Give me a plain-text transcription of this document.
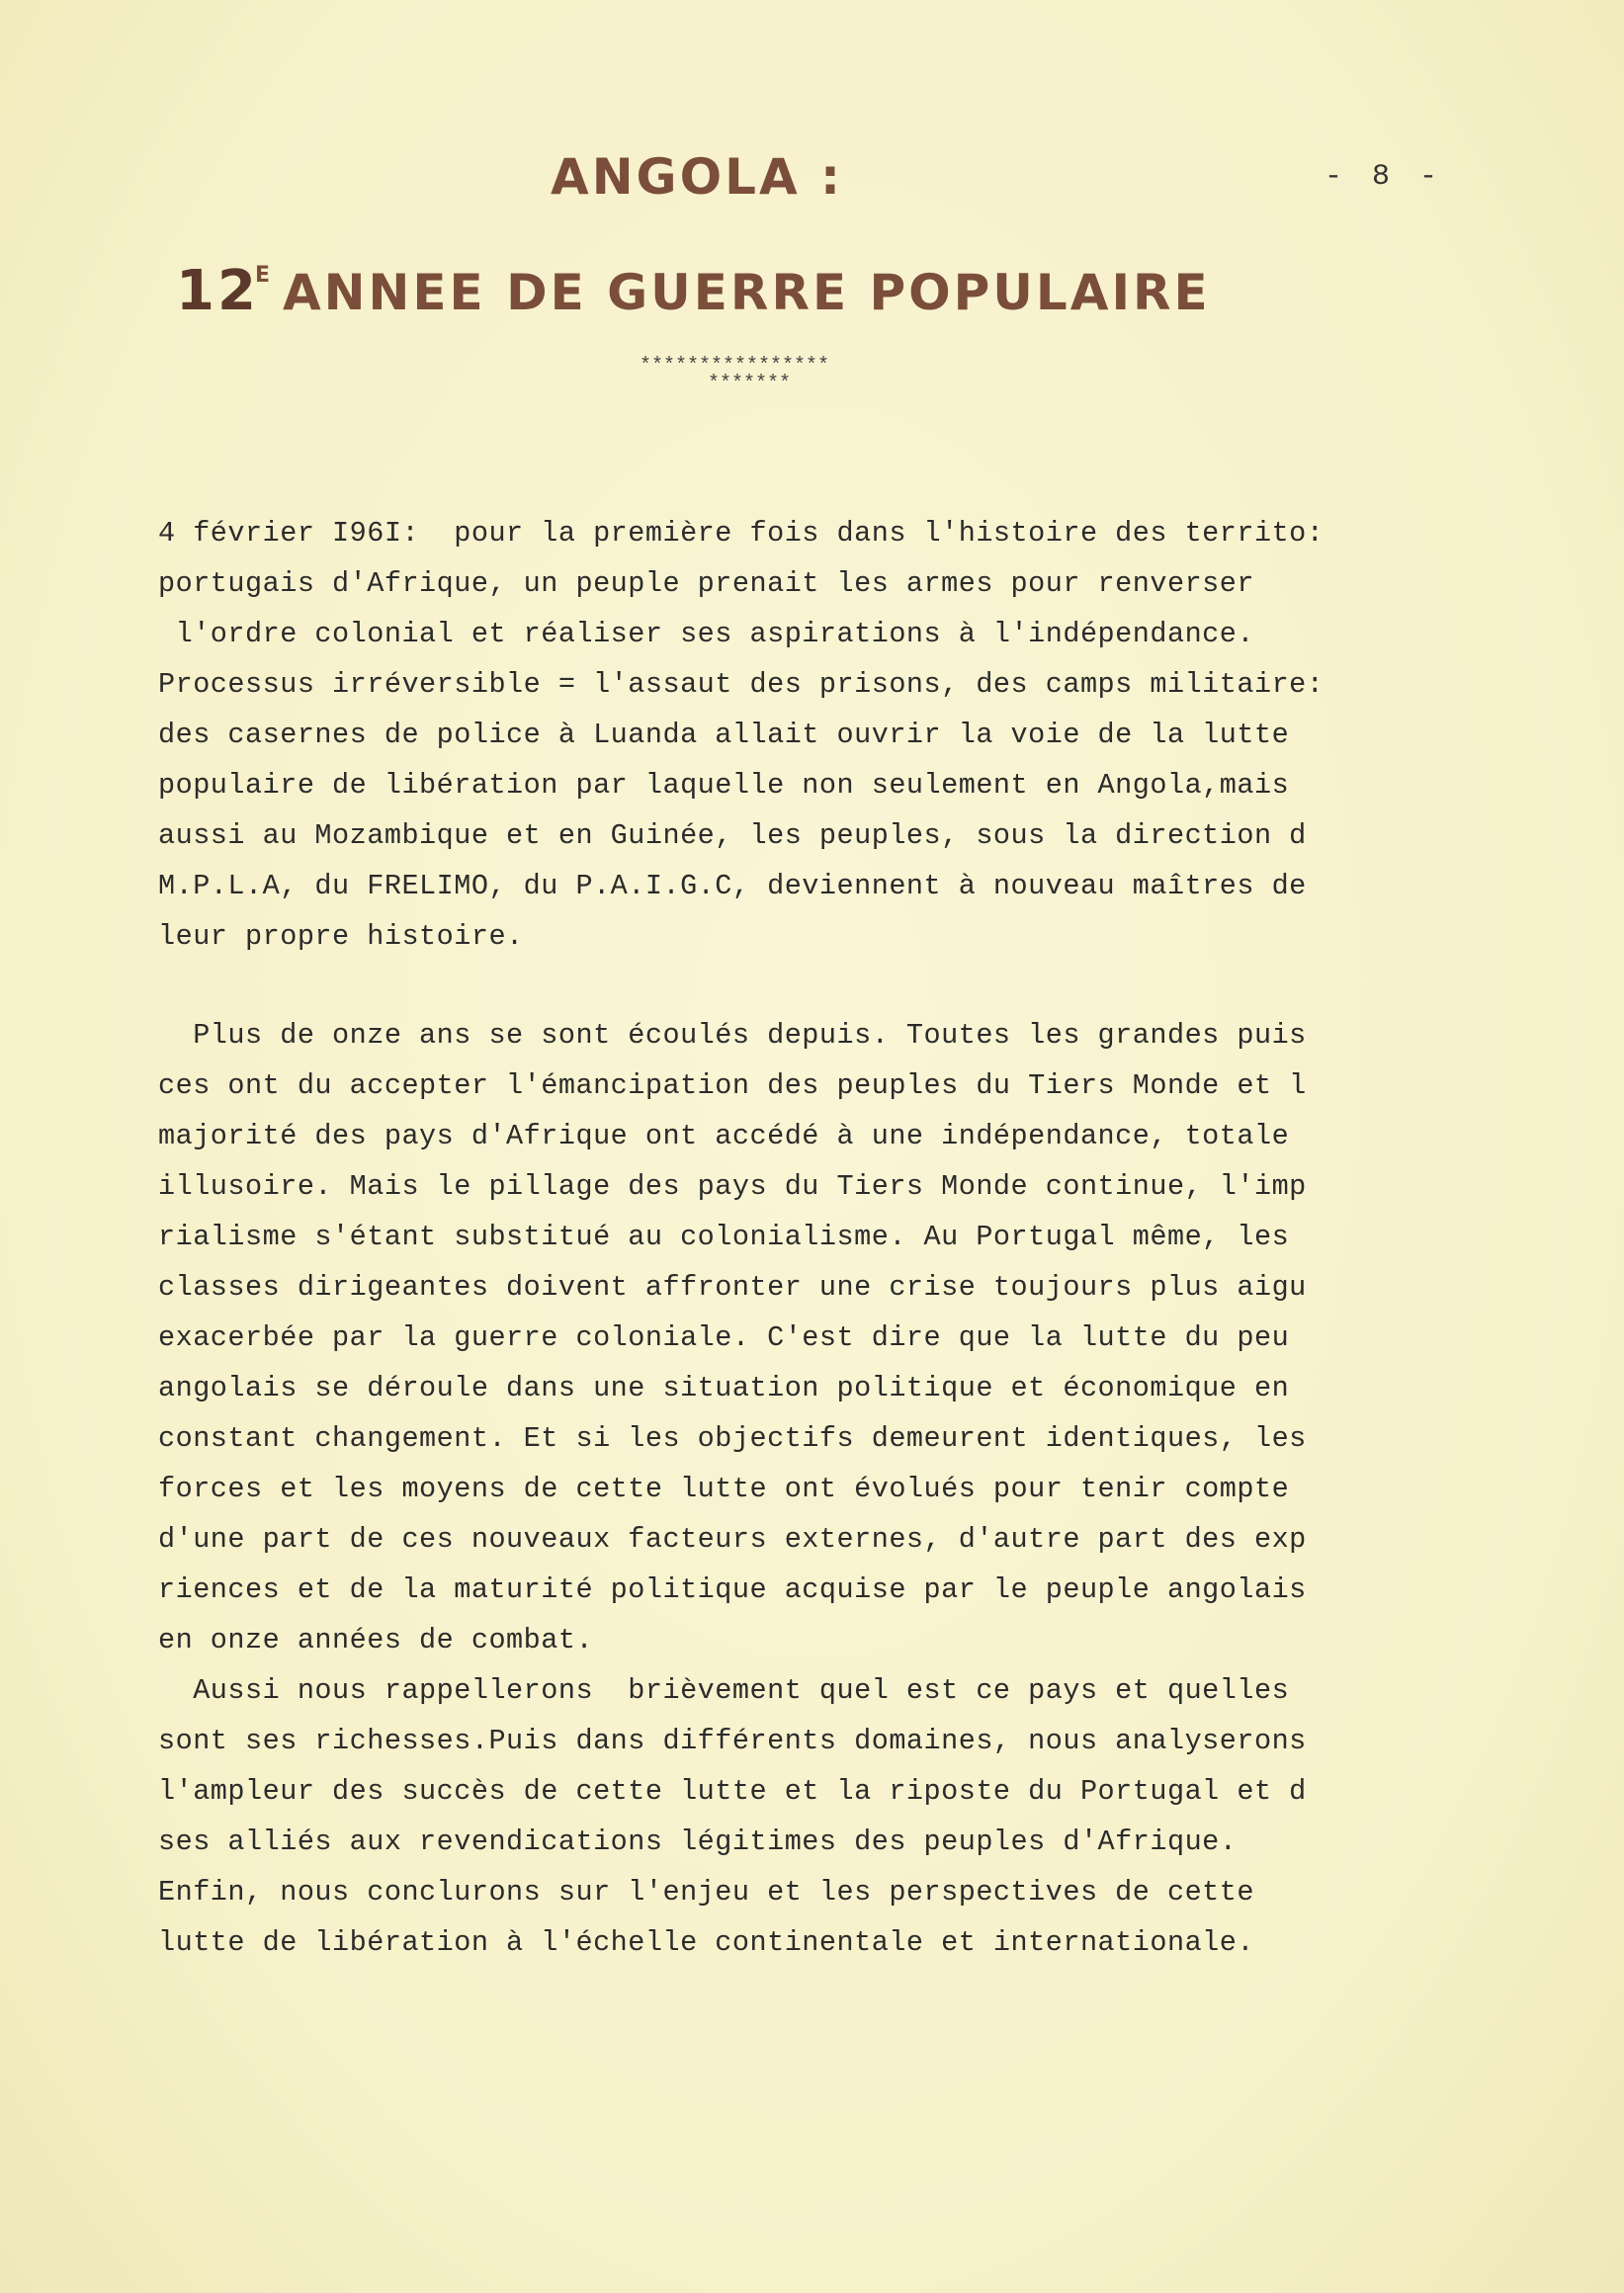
ANGOLA :	- 8 -
$12^E$ ANNEE DE GUERRE POPULAIRE
****************
*******

4 février I96I:  pour la première fois dans l'histoire des territo:

portugais d'Afrique, un peuple prenait les armes pour renverser

l'ordre colonial et réaliser ses aspirations à l'indépendance.

Processus irréversible = l'assaut des prisons, des camps militaire:

des casernes de police à Luanda allait ouvrir la voie de la lutte

populaire de libération par laquelle non seulement en Angola,mais

aussi au Mozambique et en Guinée, les peuples, sous la direction d

M.P.L.A, du FRELIMO, du P.A.I.G.C, deviennent à nouveau maîtres de

leur propre histoire.

Plus de onze ans se sont écoulés depuis. Toutes les grandes puis

ces ont du accepter l'émancipation des peuples du Tiers Monde et l

majorité des pays d'Afrique ont accédé à une indépendance, totale

illusoire. Mais le pillage des pays du Tiers Monde continue, l'imp

rialisme s'étant substitué au colonialisme. Au Portugal même, les

classes dirigeantes doivent affronter une crise toujours plus aigu

exacerbée par la guerre coloniale. C'est dire que la lutte du peu

angolais se déroule dans une situation politique et économique en

constant changement. Et si les objectifs demeurent identiques, les

forces et les moyens de cette lutte ont évolués pour tenir compte

d'une part de ces nouveaux facteurs externes, d'autre part des exp

riences et de la maturité politique acquise par le peuple angolais

en onze années de combat.

Aussi nous rappellerons  brièvement quel est ce pays et quelles

sont ses richesses.Puis dans différents domaines, nous analyserons

l'ampleur des succès de cette lutte et la riposte du Portugal et d

ses alliés aux revendications légitimes des peuples d'Afrique.

Enfin, nous conclurons sur l'enjeu et les perspectives de cette

lutte de libération à l'échelle continentale et internationale.
